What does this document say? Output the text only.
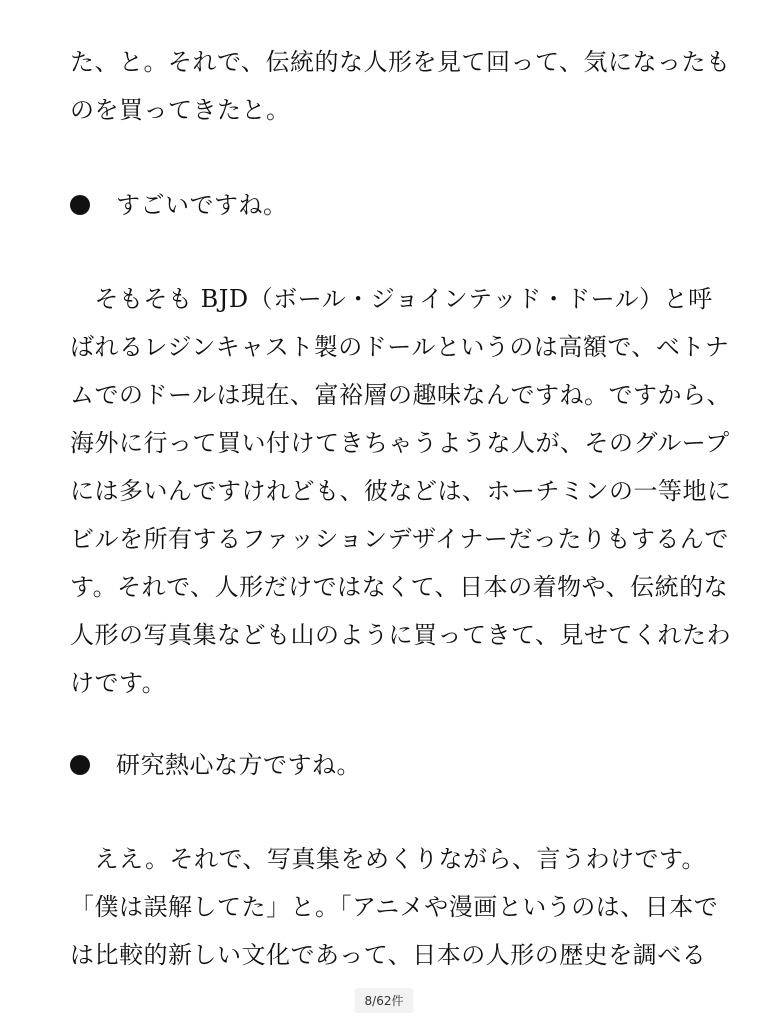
た、と。それで、伝統的な人形を見て回って、気になったも
のを買ってきたと。
すごいですね。
　そもそも BJD（ボール・ジョインテッド・ドール）と呼
ばれるレジンキャスト製のドールというのは高額で、ベトナ
ムでのドールは現在、富裕層の趣味なんですね。ですから、
海外に行って買い付けてきちゃうような人が、そのグループ
には多いんですけれども、彼などは、ホーチミンの一等地に
ビルを所有するファッションデザイナーだったりもするんで
す。それで、人形だけではなくて、日本の着物や、伝統的な
人形の写真集なども山のように買ってきて、見せてくれたわ
けです。
研究熱心な方ですね。
　ええ。それで、写真集をめくりながら、言うわけです。
「僕は誤解してた」と。「アニメや漫画というのは、日本で
は比較的新しい文化であって、日本の人形の歴史を調べる
8/62件
